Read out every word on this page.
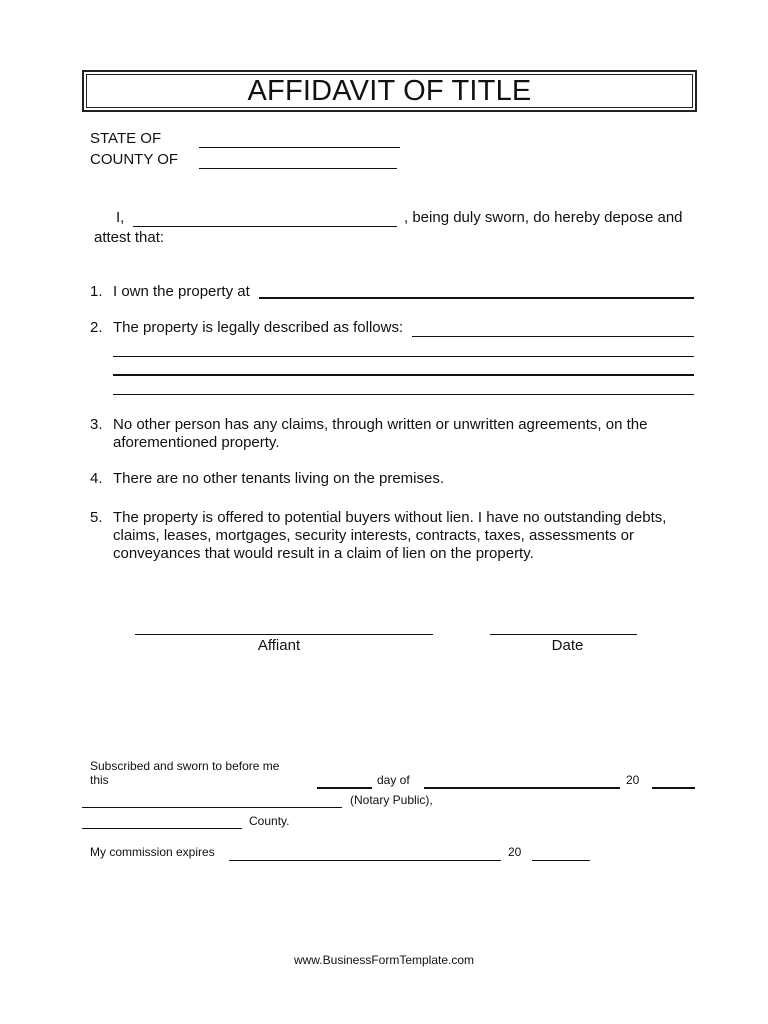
AFFIDAVIT OF TITLE
STATE OF
COUNTY OF
I,	, being duly sworn, do hereby depose and
attest that:
1. I own the property at
2. The property is legally described as follows:
3. No other person has any claims, through written or unwritten agreements, on the
aforementioned property.
4. There are no other tenants living on the premises.
5. The property is offered to potential buyers without lien. I have no outstanding debts,
claims, leases, mortgages, security interests, contracts, taxes, assessments or
conveyances that would result in a claim of lien on the property.
Affiant	Date
Subscribed and sworn to before me
this	day of	20
(Notary Public),
County.
My commission expires	20
www.BusinessFormTemplate.com
